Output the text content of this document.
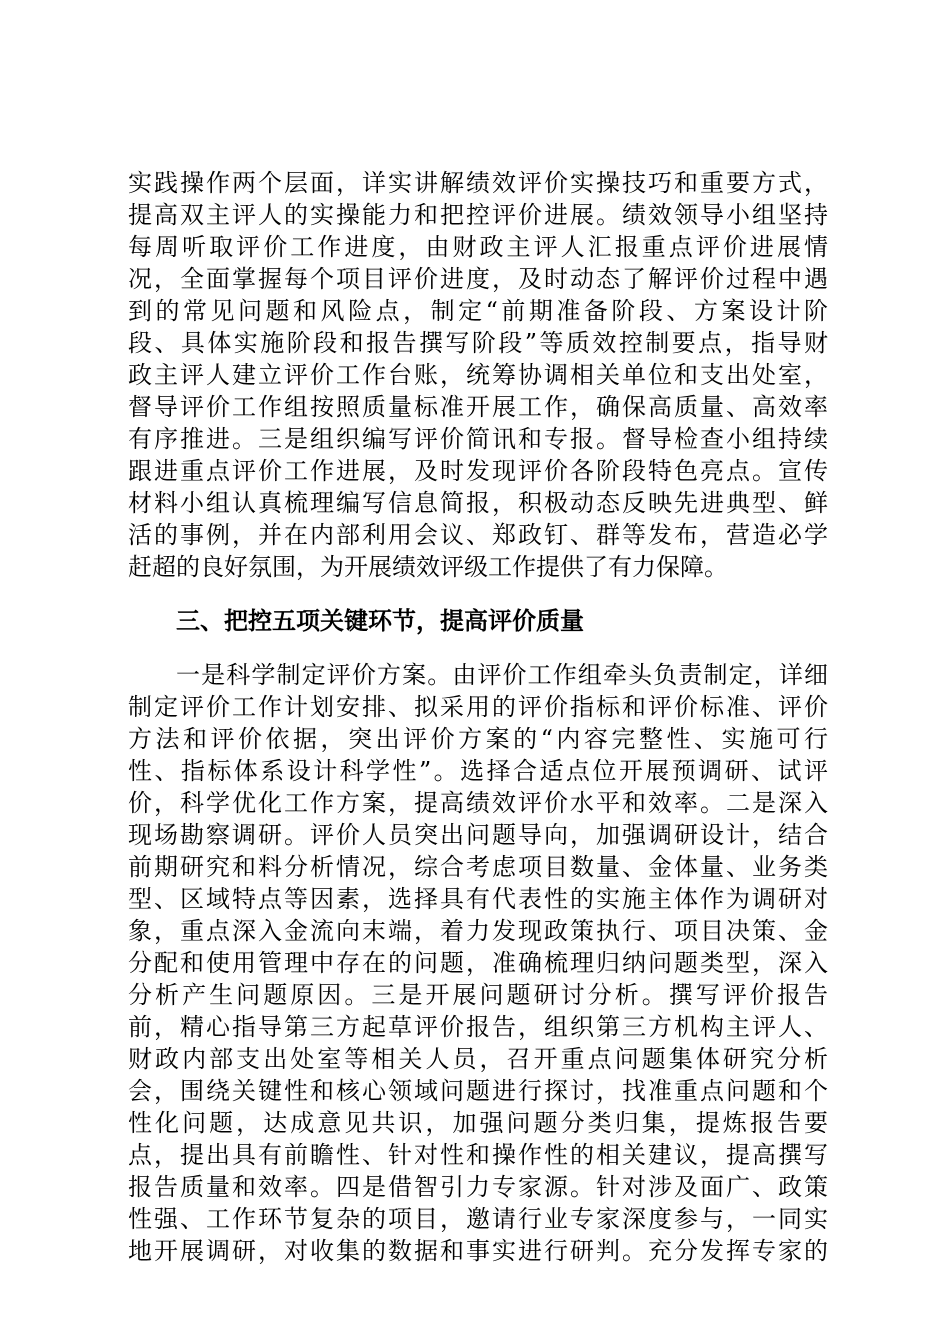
实践操作两个层面，详实讲解绩效评价实操技巧和重要方式，
提高双主评人的实操能力和把控评价进展。绩效领导小组坚持
每周听取评价工作进度，由财政主评人汇报重点评价进展情
况，全面掌握每个项目评价进度，及时动态了解评价过程中遇
到的常见问题和风险点，制定“前期准备阶段、方案设计阶
段、具体实施阶段和报告撰写阶段”等质效控制要点，指导财
政主评人建立评价工作台账，统筹协调相关单位和支出处室，
督导评价工作组按照质量标准开展工作，确保高质量、高效率
有序推进。三是组织编写评价简讯和专报。督导检查小组持续
跟进重点评价工作进展，及时发现评价各阶段特色亮点。宣传
材料小组认真梳理编写信息简报，积极动态反映先进典型、鲜
活的事例，并在内部利用会议、郑政钉、群等发布，营造必学
赶超的良好氛围，为开展绩效评级工作提供了有力保障。
三、把控五项关键环节，提高评价质量
一是科学制定评价方案。由评价工作组牵头负责制定，详细
制定评价工作计划安排、拟采用的评价指标和评价标准、评价
方法和评价依据，突出评价方案的“内容完整性、实施可行
性、指标体系设计科学性”。选择合适点位开展预调研、试评
价，科学优化工作方案，提高绩效评价水平和效率。二是深入
现场勘察调研。评价人员突出问题导向，加强调研设计，结合
前期研究和料分析情况，综合考虑项目数量、金体量、业务类
型、区域特点等因素，选择具有代表性的实施主体作为调研对
象，重点深入金流向末端，着力发现政策执行、项目决策、金
分配和使用管理中存在的问题，准确梳理归纳问题类型，深入
分析产生问题原因。三是开展问题研讨分析。撰写评价报告
前，精心指导第三方起草评价报告，组织第三方机构主评人、
财政内部支出处室等相关人员，召开重点问题集体研究分析
会，围绕关键性和核心领域问题进行探讨，找准重点问题和个
性化问题，达成意见共识，加强问题分类归集，提炼报告要
点，提出具有前瞻性、针对性和操作性的相关建议，提高撰写
报告质量和效率。四是借智引力专家源。针对涉及面广、政策
性强、工作环节复杂的项目，邀请行业专家深度参与，一同实
地开展调研，对收集的数据和事实进行研判。充分发挥专家的
